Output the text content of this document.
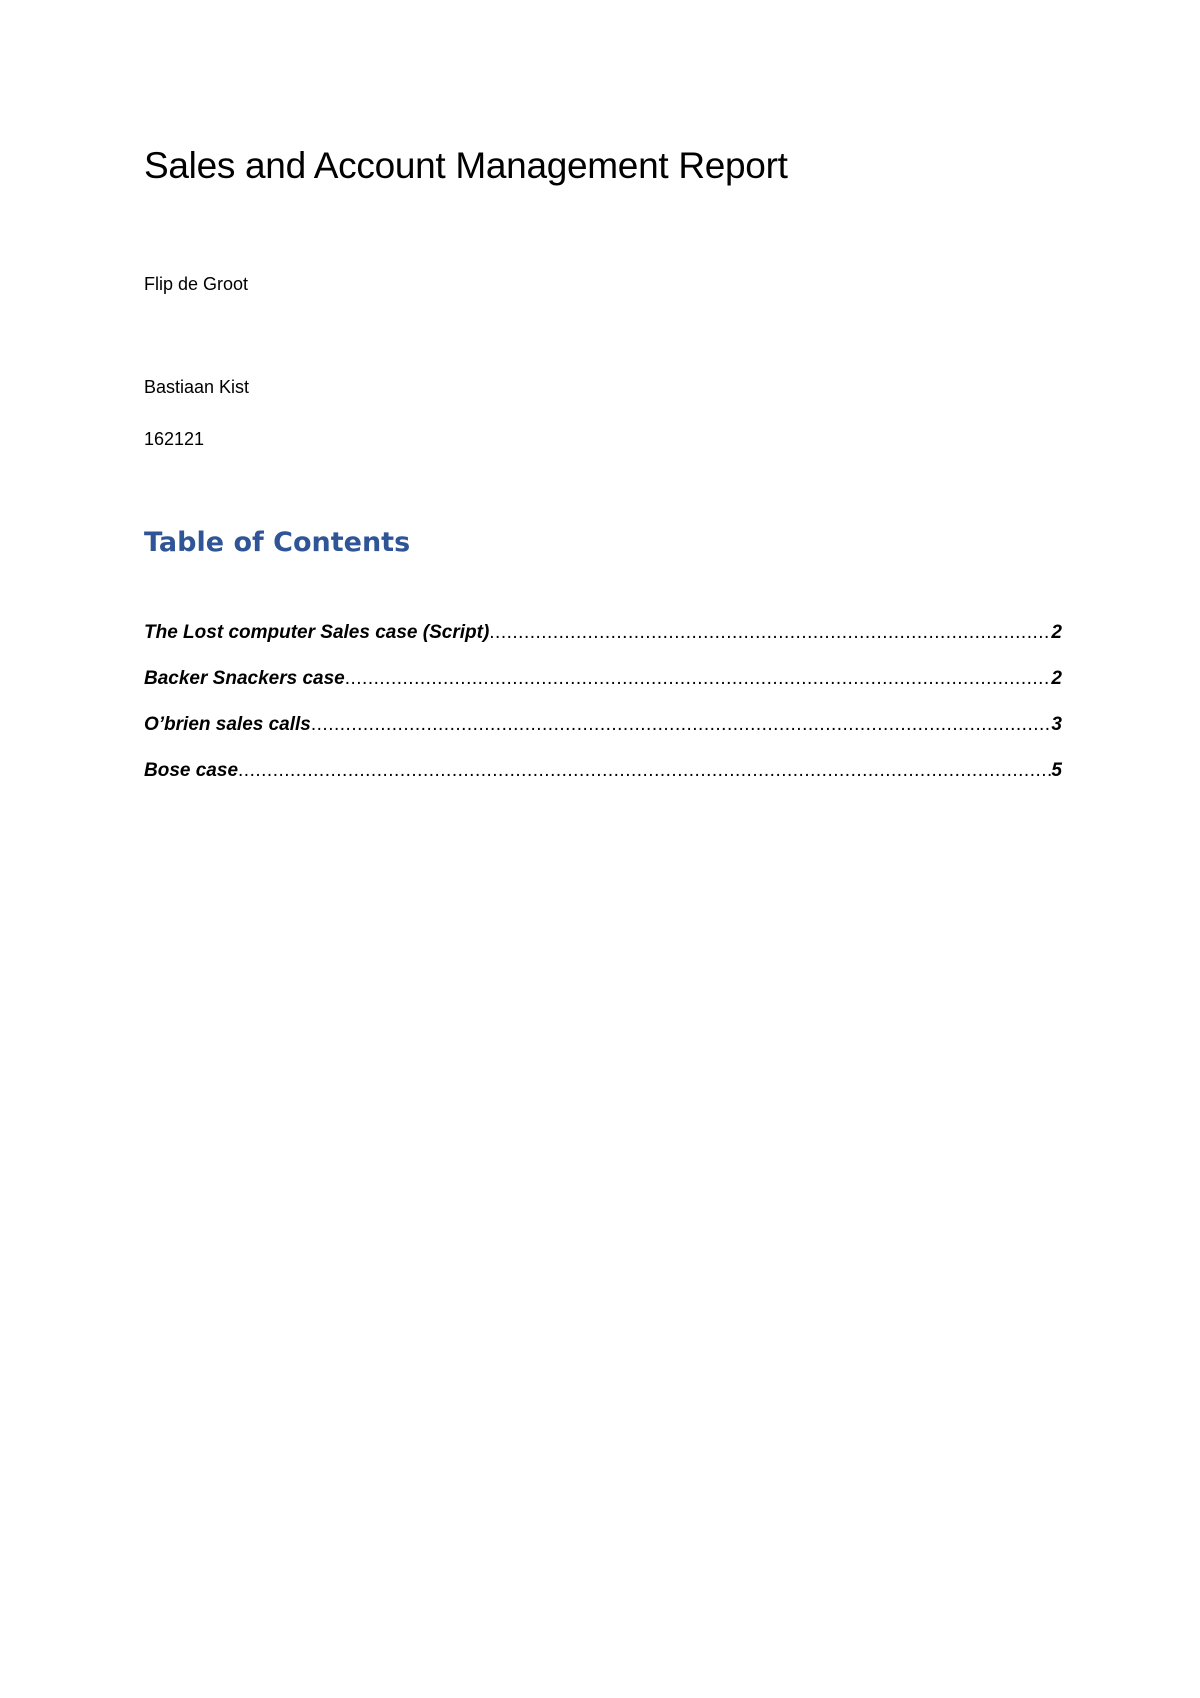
Sales and Account Management Report
Flip de Groot
Bastiaan Kist
162121
Table of Contents
The Lost computer Sales case (Script) .....	2
Backer Snackers case .....	2
O’brien sales calls .....	3
Bose case .....	5
